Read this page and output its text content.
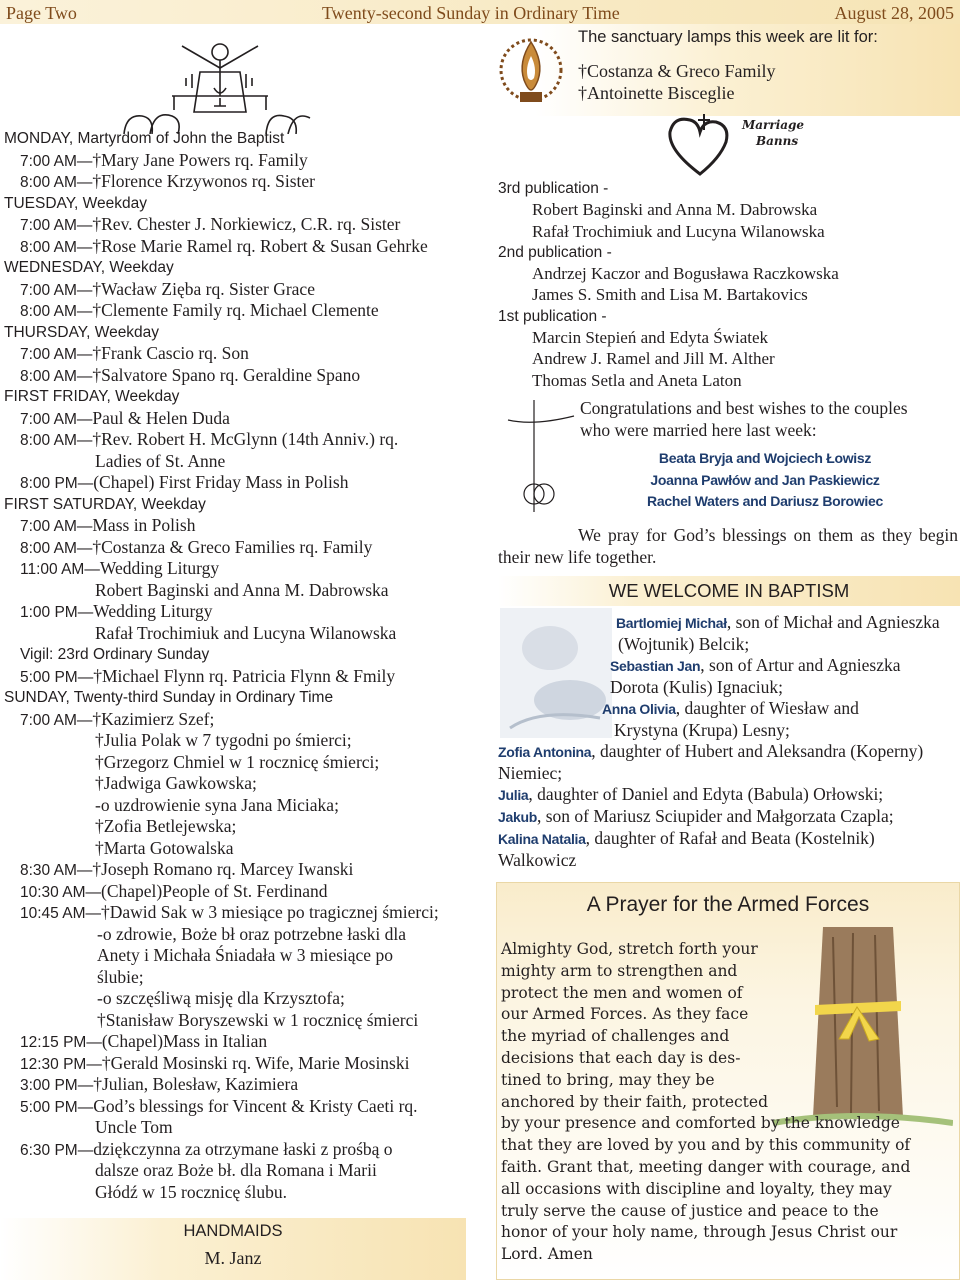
Page Two	Twenty-second Sunday in Ordinary Time	August 28, 2005
MONDAY, Martyrdom of John the Baptist
7:00 AM—†Mary Jane Powers rq. Family
8:00 AM—†Florence Krzywonos rq. Sister
TUESDAY, Weekday
7:00 AM—†Rev. Chester J. Norkiewicz, C.R. rq. Sister
8:00 AM—†Rose Marie Ramel rq. Robert & Susan Gehrke
WEDNESDAY, Weekday
7:00 AM—†Wacław Zięba rq. Sister Grace
8:00 AM—†Clemente Family rq. Michael Clemente
THURSDAY, Weekday
7:00 AM—†Frank Cascio rq. Son
8:00 AM—†Salvatore Spano rq. Geraldine Spano
FIRST FRIDAY, Weekday
7:00 AM—Paul & Helen Duda
8:00 AM—†Rev. Robert H. McGlynn (14th Anniv.) rq.
Ladies of St. Anne
8:00 PM—(Chapel) First Friday Mass in Polish
FIRST SATURDAY, Weekday
7:00 AM—Mass in Polish
8:00 AM—†Costanza & Greco Families rq. Family
11:00 AM—Wedding Liturgy
Robert Baginski and Anna M. Dabrowska
1:00 PM—Wedding Liturgy
Rafał Trochimiuk and Lucyna Wilanowska
Vigil: 23rd Ordinary Sunday
5:00 PM—†Michael Flynn rq. Patricia Flynn & Fmily
SUNDAY, Twenty-third Sunday in Ordinary Time
7:00 AM—†Kazimierz Szef;
†Julia Polak w 7 tygodni po śmierci;
†Grzegorz Chmiel w 1 rocznicę śmierci;
†Jadwiga Gawkowska;
-o uzdrowienie syna Jana Miciaka;
†Zofia Betlejewska;
†Marta Gotowalska
8:30 AM—†Joseph Romano rq. Marcey Iwanski
10:30 AM—(Chapel)People of St. Ferdinand
10:45 AM—†Dawid Sak w 3 miesiące po tragicznej śmierci;
-o zdrowie, Boże bł oraz potrzebne łaski dla
Anety i Michała Śniadała w 3 miesiące po
ślubie;
-o szczęśliwą misję dla Krzysztofa;
†Stanisław Boryszewski w 1 rocznicę śmierci
12:15 PM—(Chapel)Mass in Italian
12:30 PM—†Gerald Mosinski rq. Wife, Marie Mosinski
3:00 PM—†Julian, Bolesław, Kazimiera
5:00 PM—God’s blessings for Vincent & Kristy Caeti rq.
Uncle Tom
6:30 PM—dziękczynna za otrzymane łaski z prośbą o
dalsze oraz Boże bł. dla Romana i Marii
Głódź w 15 rocznicę ślubu.
HANDMAIDS
M. Janz
The sanctuary lamps this week are lit for:
†Costanza & Greco Family
†Antoinette Bisceglie
Marriage
Banns
3rd publication -
Robert Baginski and Anna M. Dabrowska
Rafał Trochimiuk and Lucyna Wilanowska
2nd publication -
Andrzej Kaczor and Bogusława Raczkowska
James S. Smith and Lisa M. Bartakovics
1st publication -
Marcin Stepień and Edyta Światek
Andrew J. Ramel and Jill M. Alther
Thomas Setla and Aneta Laton
Congratulations and best wishes to the couples
who were married here last week:
Beata Bryja and Wojciech Łowisz
Joanna Pawłów and Jan Paskiewicz
Rachel Waters and Dariusz Borowiec
We pray for God’s blessings on them as they begin their new life together.
WE WELCOME IN BAPTISM
Bartlomiej Michał, son of Michał and Agnieszka
(Wojtunik) Belcik;
Sebastian Jan, son of Artur and Agnieszka
Dorota (Kulis) Ignaciuk;
Anna Olivia, daughter of Wiesław and
Krystyna (Krupa) Lesny;
Zofia Antonina, daughter of Hubert and Aleksandra (Koperny)
Niemiec;
Julia, daughter of Daniel and Edyta (Babula) Orłowski;
Jakub, son of Mariusz Sciupider and Małgorzata Czapla;
Kalina Natalia, daughter of Rafał and Beata (Kostelnik)
Walkowicz
A Prayer for the Armed Forces
Almighty God, stretch forth your
mighty arm to strengthen and
protect the men and women of
our Armed Forces. As they face
the myriad of challenges and
decisions that each day is des-
tined to bring, may they be
anchored by their faith, protected
by your presence and comforted by the knowledge
that they are loved by you and by this community of
faith. Grant that, meeting danger with courage, and
all occasions with discipline and loyalty, they may
truly serve the cause of justice and peace to the
honor of your holy name, through Jesus Christ our
Lord. Amen
